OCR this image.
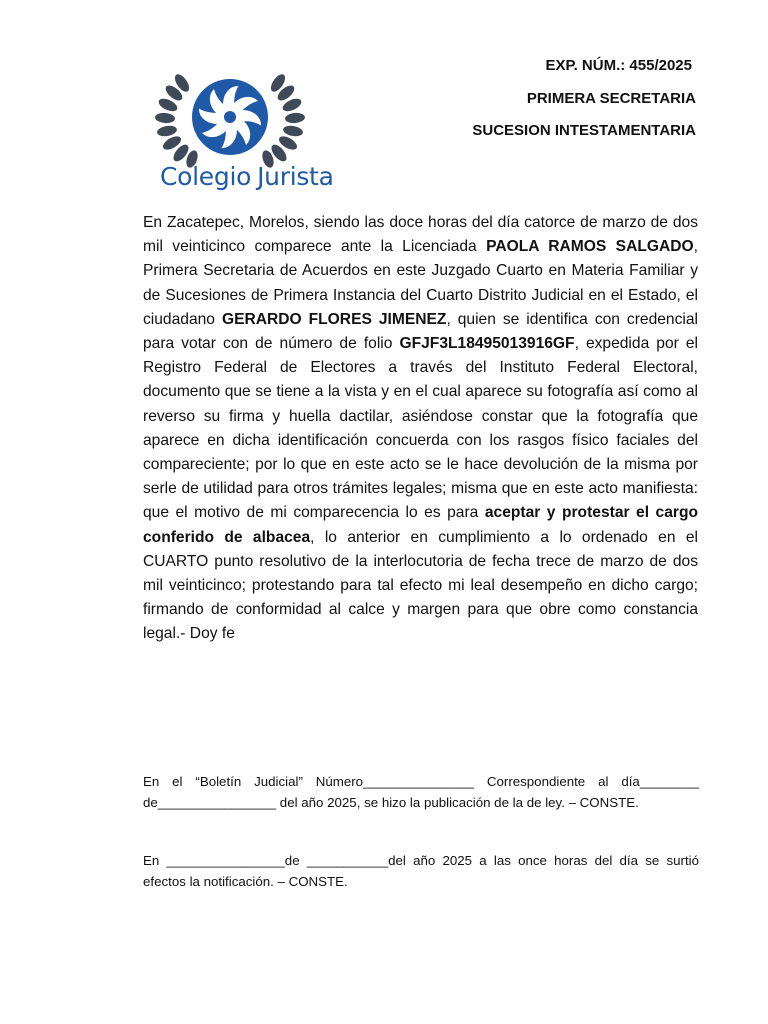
Colegio Jurista
EXP. NÚM.: 455/2025
PRIMERA SECRETARIA
SUCESION INTESTAMENTARIA
En Zacatepec, Morelos, siendo las doce horas del día catorce de marzo de dos mil veinticinco comparece ante la Licenciada PAOLA RAMOS SALGADO, Primera Secretaria de Acuerdos en este Juzgado Cuarto en Materia Familiar y de Sucesiones de Primera Instancia del Cuarto Distrito Judicial en el Estado, el ciudadano GERARDO FLORES JIMENEZ, quien se identifica con credencial para votar con de número de folio GFJF3L18495013916GF, expedida por el Registro Federal de Electores a través del Instituto Federal Electoral, documento que se tiene a la vista y en el cual aparece su fotografía así como al reverso su firma y huella dactilar, asiéndose constar que la fotografía que aparece en dicha identificación concuerda con los rasgos físico faciales del compareciente; por lo que en este acto se le hace devolución de la misma por serle de utilidad para otros trámites legales; misma que en este acto manifiesta: que el motivo de mi comparecencia lo es para aceptar y protestar el cargo conferido de albacea, lo anterior en cumplimiento a lo ordenado en el CUARTO punto resolutivo de la interlocutoria de fecha trece de marzo de dos mil veinticinco; protestando para tal efecto mi leal desempeño en dicho cargo; firmando de conformidad al calce y margen para que obre como constancia legal.- Doy fe
En el “Boletín Judicial” Número_______________ Correspondiente al día________ de________________ del año 2025, se hizo la publicación de la de ley. – CONSTE.
En ________________de ___________del año 2025 a las once horas del día se surtió efectos la notificación. – CONSTE.
